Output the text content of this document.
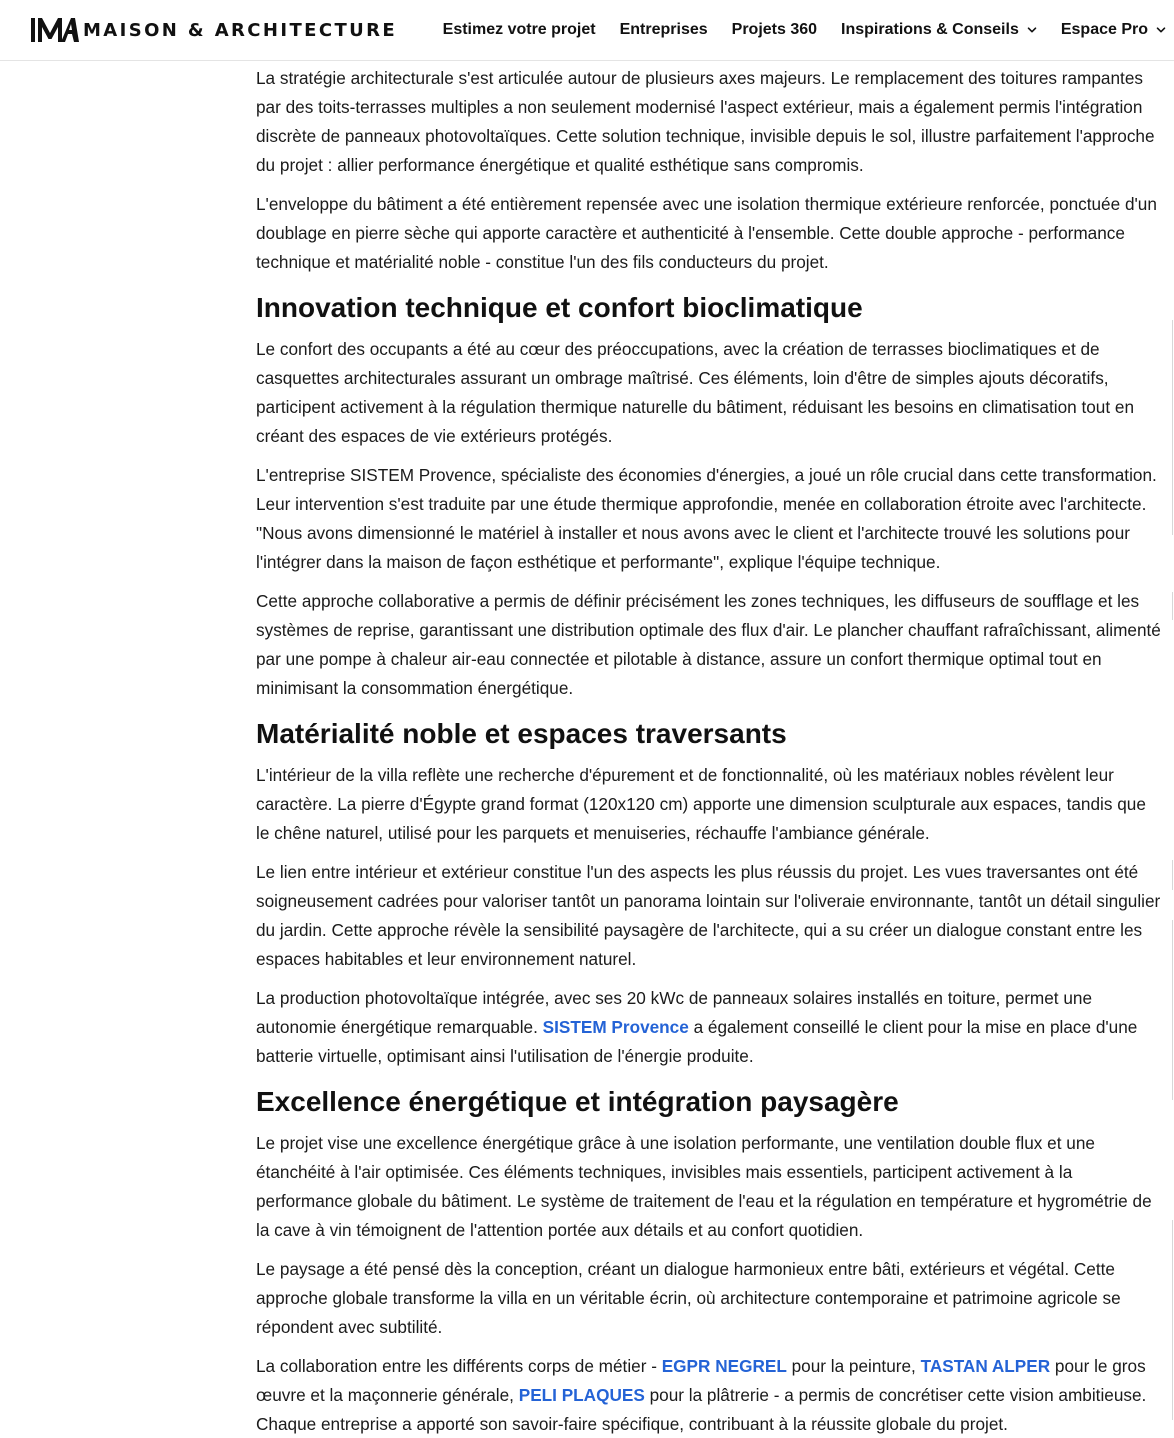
MAISON & ARCHITECTURE	Estimez votre projet Entreprises Projets 360 Inspirations & Conseils	Espace Pro

La stratégie architecturale s'est articulée autour de plusieurs axes majeurs. Le remplacement des toitures rampantes par des toits-terrasses multiples a non seulement modernisé l'aspect extérieur, mais a également permis l'intégration discrète de panneaux photovoltaïques. Cette solution technique, invisible depuis le sol, illustre parfaitement l'approche du projet : allier performance énergétique et qualité esthétique sans compromis.

L'enveloppe du bâtiment a été entièrement repensée avec une isolation thermique extérieure renforcée, ponctuée d'un doublage en pierre sèche qui apporte caractère et authenticité à l'ensemble. Cette double approche - performance technique et matérialité noble - constitue l'un des fils conducteurs du projet.

Innovation technique et confort bioclimatique

Le confort des occupants a été au cœur des préoccupations, avec la création de terrasses bioclimatiques et de casquettes architecturales assurant un ombrage maîtrisé. Ces éléments, loin d'être de simples ajouts décoratifs, participent activement à la régulation thermique naturelle du bâtiment, réduisant les besoins en climatisation tout en créant des espaces de vie extérieurs protégés.

L'entreprise SISTEM Provence, spécialiste des économies d'énergies, a joué un rôle crucial dans cette transformation. Leur intervention s'est traduite par une étude thermique approfondie, menée en collaboration étroite avec l'architecte. "Nous avons dimensionné le matériel à installer et nous avons avec le client et l'architecte trouvé les solutions pour l'intégrer dans la maison de façon esthétique et performante", explique l'équipe technique.

Cette approche collaborative a permis de définir précisément les zones techniques, les diffuseurs de soufflage et les systèmes de reprise, garantissant une distribution optimale des flux d'air. Le plancher chauffant rafraîchissant, alimenté par une pompe à chaleur air-eau connectée et pilotable à distance, assure un confort thermique optimal tout en minimisant la consommation énergétique.

Matérialité noble et espaces traversants

L'intérieur de la villa reflète une recherche d'épurement et de fonctionnalité, où les matériaux nobles révèlent leur caractère. La pierre d'Égypte grand format (120x120 cm) apporte une dimension sculpturale aux espaces, tandis que le chêne naturel, utilisé pour les parquets et menuiseries, réchauffe l'ambiance générale.

Le lien entre intérieur et extérieur constitue l'un des aspects les plus réussis du projet. Les vues traversantes ont été soigneusement cadrées pour valoriser tantôt un panorama lointain sur l'oliveraie environnante, tantôt un détail singulier du jardin. Cette approche révèle la sensibilité paysagère de l'architecte, qui a su créer un dialogue constant entre les espaces habitables et leur environnement naturel.

La production photovoltaïque intégrée, avec ses 20 kWc de panneaux solaires installés en toiture, permet une autonomie énergétique remarquable. SISTEM Provence a également conseillé le client pour la mise en place d'une batterie virtuelle, optimisant ainsi l'utilisation de l'énergie produite.

Excellence énergétique et intégration paysagère

Le projet vise une excellence énergétique grâce à une isolation performante, une ventilation double flux et une étanchéité à l'air optimisée. Ces éléments techniques, invisibles mais essentiels, participent activement à la performance globale du bâtiment. Le système de traitement de l'eau et la régulation en température et hygrométrie de la cave à vin témoignent de l'attention portée aux détails et au confort quotidien.

Le paysage a été pensé dès la conception, créant un dialogue harmonieux entre bâti, extérieurs et végétal. Cette approche globale transforme la villa en un véritable écrin, où architecture contemporaine et patrimoine agricole se répondent avec subtilité.

La collaboration entre les différents corps de métier - EGPR NEGREL pour la peinture, TASTAN ALPER pour le gros œuvre et la maçonnerie générale, PELI PLAQUES pour la plâtrerie - a permis de concrétiser cette vision ambitieuse. Chaque entreprise a apporté son savoir-faire spécifique, contribuant à la réussite globale du projet.
